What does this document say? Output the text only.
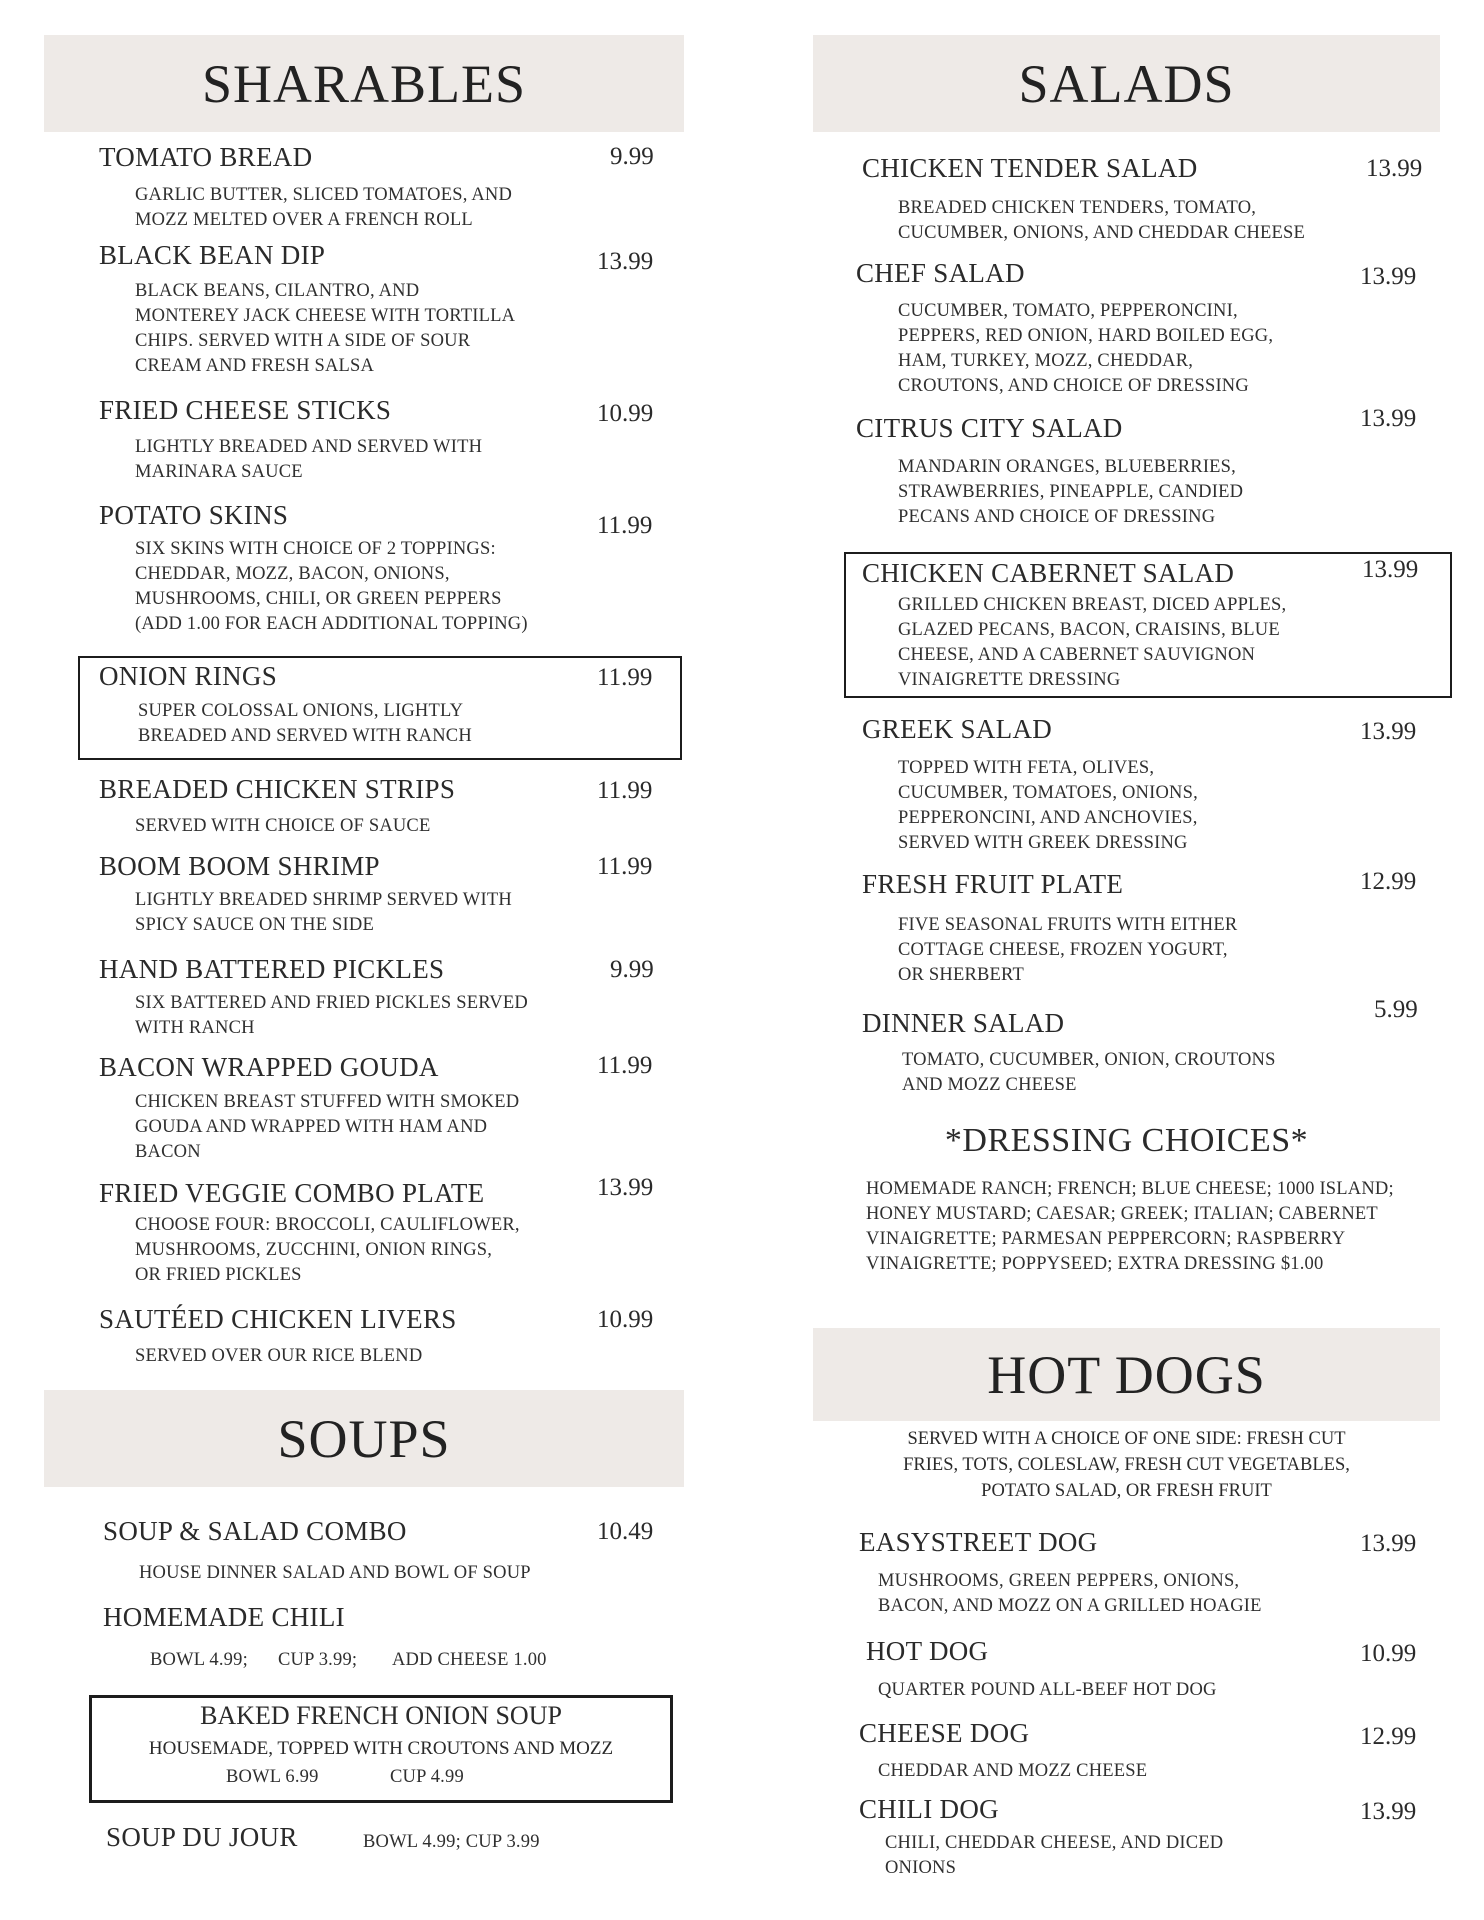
SHARABLES
TOMATO BREAD	9.99
GARLIC BUTTER, SLICED TOMATOES, AND
MOZZ MELTED OVER A FRENCH ROLL
BLACK BEAN DIP	13.99
BLACK BEANS, CILANTRO, AND
MONTEREY JACK CHEESE WITH TORTILLA
CHIPS. SERVED WITH A SIDE OF SOUR
CREAM AND FRESH SALSA
FRIED CHEESE STICKS	10.99
LIGHTLY BREADED AND SERVED WITH
MARINARA SAUCE
POTATO SKINS	11.99
SIX SKINS WITH CHOICE OF 2 TOPPINGS:
CHEDDAR, MOZZ, BACON, ONIONS,
MUSHROOMS, CHILI, OR GREEN PEPPERS
(ADD 1.00 FOR EACH ADDITIONAL TOPPING)
ONION RINGS	11.99
SUPER COLOSSAL ONIONS, LIGHTLY
BREADED AND SERVED WITH RANCH
BREADED CHICKEN STRIPS	11.99
SERVED WITH CHOICE OF SAUCE
BOOM BOOM SHRIMP	11.99
LIGHTLY BREADED SHRIMP SERVED WITH
SPICY SAUCE ON THE SIDE
HAND BATTERED PICKLES	9.99
SIX BATTERED AND FRIED PICKLES SERVED
WITH RANCH
BACON WRAPPED GOUDA	11.99
CHICKEN BREAST STUFFED WITH SMOKED
GOUDA AND WRAPPED WITH HAM AND
BACON
FRIED VEGGIE COMBO PLATE	13.99
CHOOSE FOUR: BROCCOLI, CAULIFLOWER,
MUSHROOMS, ZUCCHINI, ONION RINGS,
OR FRIED PICKLES
SAUTÉED CHICKEN LIVERS	10.99
SERVED OVER OUR RICE BLEND
SOUPS
SOUP & SALAD COMBO	10.49
HOUSE DINNER SALAD AND BOWL OF SOUP
HOMEMADE CHILI
BOWL 4.99; CUP 3.99; ADD CHEESE 1.00
BAKED FRENCH ONION SOUP
HOUSEMADE, TOPPED WITH CROUTONS AND MOZZ
BOWL 6.99	CUP 4.99
SOUP DU JOUR	BOWL 4.99; CUP 3.99
SALADS
CHICKEN TENDER SALAD	13.99
BREADED CHICKEN TENDERS, TOMATO,
CUCUMBER, ONIONS, AND CHEDDAR CHEESE
CHEF SALAD	13.99
CUCUMBER, TOMATO, PEPPERONCINI,
PEPPERS, RED ONION, HARD BOILED EGG,
HAM, TURKEY, MOZZ, CHEDDAR,
CROUTONS, AND CHOICE OF DRESSING
CITRUS CITY SALAD	13.99
MANDARIN ORANGES, BLUEBERRIES,
STRAWBERRIES, PINEAPPLE, CANDIED
PECANS AND CHOICE OF DRESSING
CHICKEN CABERNET SALAD	13.99
GRILLED CHICKEN BREAST, DICED APPLES,
GLAZED PECANS, BACON, CRAISINS, BLUE
CHEESE, AND A CABERNET SAUVIGNON
VINAIGRETTE DRESSING
GREEK SALAD	13.99
TOPPED WITH FETA, OLIVES,
CUCUMBER, TOMATOES, ONIONS,
PEPPERONCINI, AND ANCHOVIES,
SERVED WITH GREEK DRESSING
FRESH FRUIT PLATE	12.99
FIVE SEASONAL FRUITS WITH EITHER
COTTAGE CHEESE, FROZEN YOGURT,
OR SHERBERT
DINNER SALAD	5.99
TOMATO, CUCUMBER, ONION, CROUTONS
AND MOZZ CHEESE
*DRESSING CHOICES*
HOMEMADE RANCH; FRENCH; BLUE CHEESE; 1000 ISLAND;
HONEY MUSTARD; CAESAR; GREEK; ITALIAN; CABERNET
VINAIGRETTE; PARMESAN PEPPERCORN; RASPBERRY
VINAIGRETTE; POPPYSEED; EXTRA DRESSING $1.00
HOT DOGS
SERVED WITH A CHOICE OF ONE SIDE: FRESH CUT
FRIES, TOTS, COLESLAW, FRESH CUT VEGETABLES,
POTATO SALAD, OR FRESH FRUIT
EASYSTREET DOG	13.99
MUSHROOMS, GREEN PEPPERS, ONIONS,
BACON, AND MOZZ ON A GRILLED HOAGIE
HOT DOG	10.99
QUARTER POUND ALL-BEEF HOT DOG
CHEESE DOG	12.99
CHEDDAR AND MOZZ CHEESE
CHILI DOG	13.99
CHILI, CHEDDAR CHEESE, AND DICED
ONIONS
